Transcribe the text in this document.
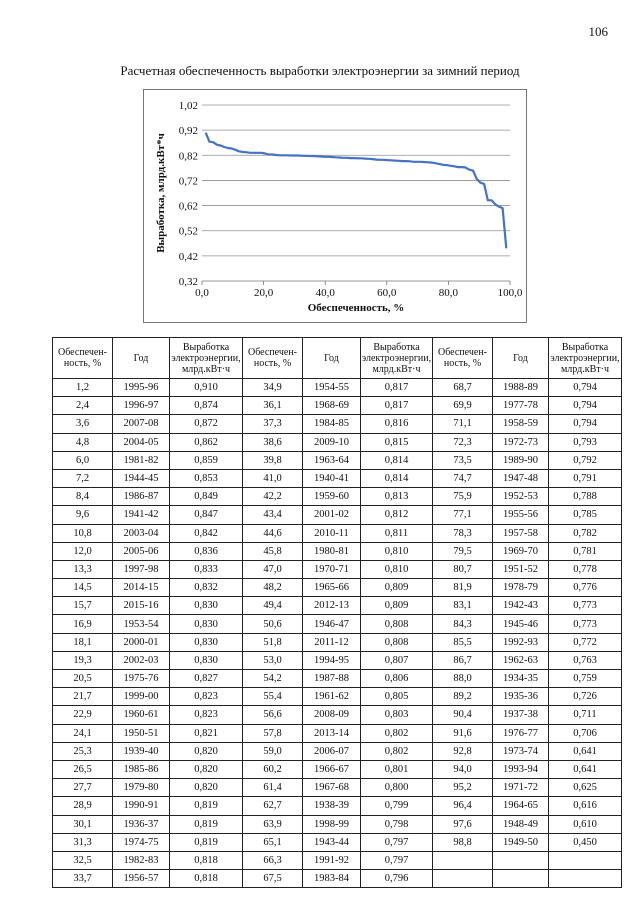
106
Расчетная обеспеченность выработки электроэнергии за зимний период
0,32
0,42
0,52
0,62
0,72
0,82
0,92
1,02
0,0	20,0	40,0	60,0	80,0	100,0
Обеспеченность, %
Выработка, млрд.кВт*ч
Обеспечен-ность, %	Год	Выработка электроэнергии, млрд.кВт·ч	Обеспечен-ность, %	Год	Выработка электроэнергии, млрд.кВт·ч	Обеспечен-ность, %	Год	Выработка электроэнергии, млрд.кВт·ч
1,2	1995-96	0,910	34,9	1954-55	0,817	68,7	1988-89	0,794
2,4	1996-97	0,874	36,1	1968-69	0,817	69,9	1977-78	0,794
3,6	2007-08	0,872	37,3	1984-85	0,816	71,1	1958-59	0,794
4,8	2004-05	0,862	38,6	2009-10	0,815	72,3	1972-73	0,793
6,0	1981-82	0,859	39,8	1963-64	0,814	73,5	1989-90	0,792
7,2	1944-45	0,853	41,0	1940-41	0,814	74,7	1947-48	0,791
8,4	1986-87	0,849	42,2	1959-60	0,813	75,9	1952-53	0,788
9,6	1941-42	0,847	43,4	2001-02	0,812	77,1	1955-56	0,785
10,8	2003-04	0,842	44,6	2010-11	0,811	78,3	1957-58	0,782
12,0	2005-06	0,836	45,8	1980-81	0,810	79,5	1969-70	0,781
13,3	1997-98	0,833	47,0	1970-71	0,810	80,7	1951-52	0,778
14,5	2014-15	0,832	48,2	1965-66	0,809	81,9	1978-79	0,776
15,7	2015-16	0,830	49,4	2012-13	0,809	83,1	1942-43	0,773
16,9	1953-54	0,830	50,6	1946-47	0,808	84,3	1945-46	0,773
18,1	2000-01	0,830	51,8	2011-12	0,808	85,5	1992-93	0,772
19,3	2002-03	0,830	53,0	1994-95	0,807	86,7	1962-63	0,763
20,5	1975-76	0,827	54,2	1987-88	0,806	88,0	1934-35	0,759
21,7	1999-00	0,823	55,4	1961-62	0,805	89,2	1935-36	0,726
22,9	1960-61	0,823	56,6	2008-09	0,803	90,4	1937-38	0,711
24,1	1950-51	0,821	57,8	2013-14	0,802	91,6	1976-77	0,706
25,3	1939-40	0,820	59,0	2006-07	0,802	92,8	1973-74	0,641
26,5	1985-86	0,820	60,2	1966-67	0,801	94,0	1993-94	0,641
27,7	1979-80	0,820	61,4	1967-68	0,800	95,2	1971-72	0,625
28,9	1990-91	0,819	62,7	1938-39	0,799	96,4	1964-65	0,616
30,1	1936-37	0,819	63,9	1998-99	0,798	97,6	1948-49	0,610
31,3	1974-75	0,819	65,1	1943-44	0,797	98,8	1949-50	0,450
32,5	1982-83	0,818	66,3	1991-92	0,797			
33,7	1956-57	0,818	67,5	1983-84	0,796			
